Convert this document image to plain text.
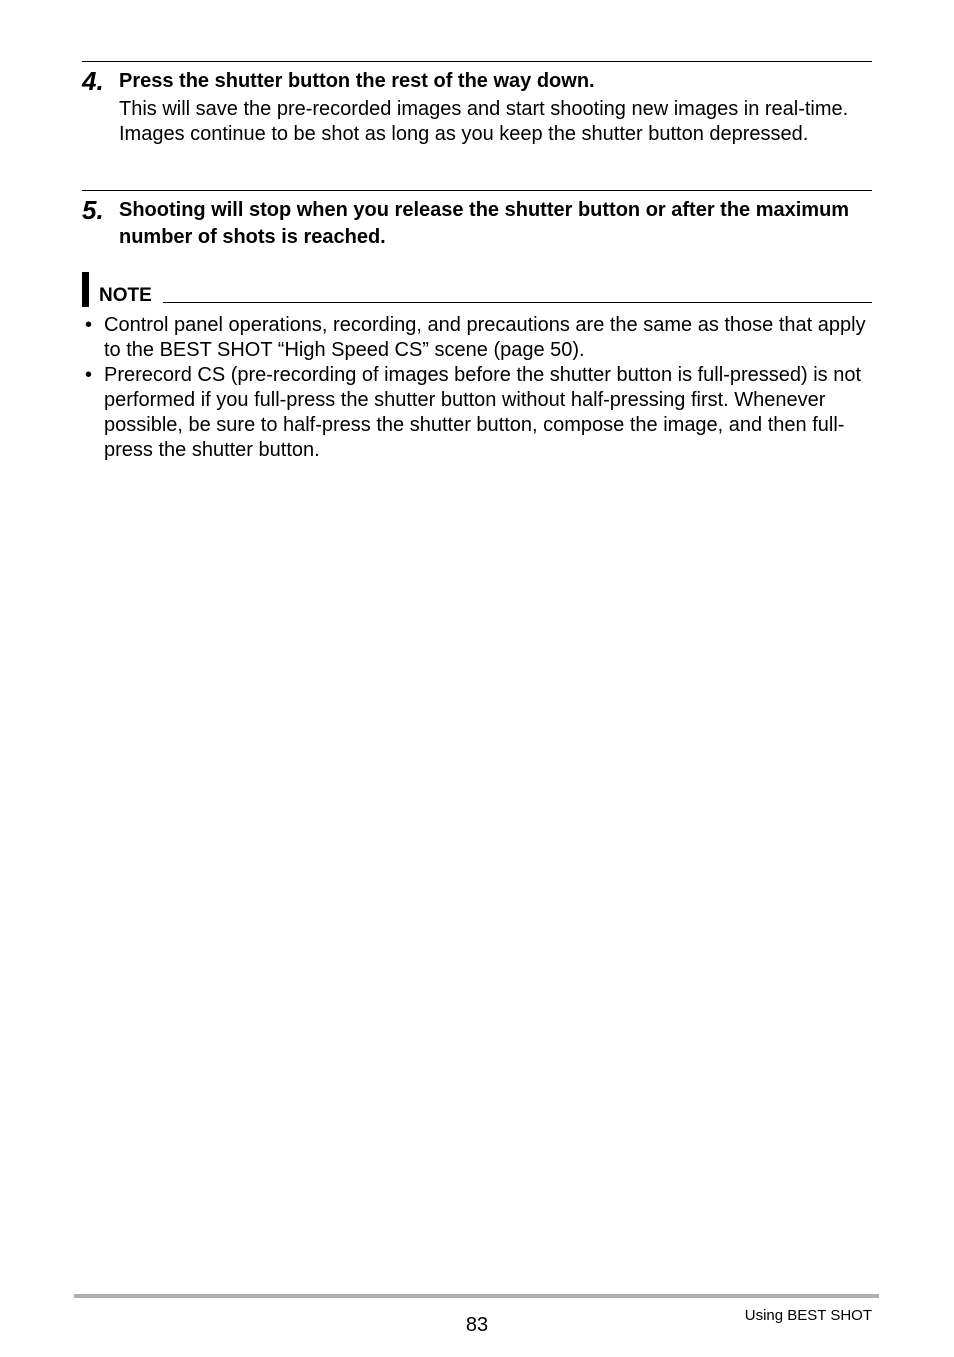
4. Press the shutter button the rest of the way down.
This will save the pre-recorded images and start shooting new images in real-time. Images continue to be shot as long as you keep the shutter button depressed.
5. Shooting will stop when you release the shutter button or after the maximum number of shots is reached.
NOTE
• Control panel operations, recording, and precautions are the same as those that apply to the BEST SHOT “High Speed CS” scene (page 50).
• Prerecord CS (pre-recording of images before the shutter button is full-pressed) is not performed if you full-press the shutter button without half-pressing first. Whenever possible, be sure to half-press the shutter button, compose the image, and then full-press the shutter button.
83	Using BEST SHOT
